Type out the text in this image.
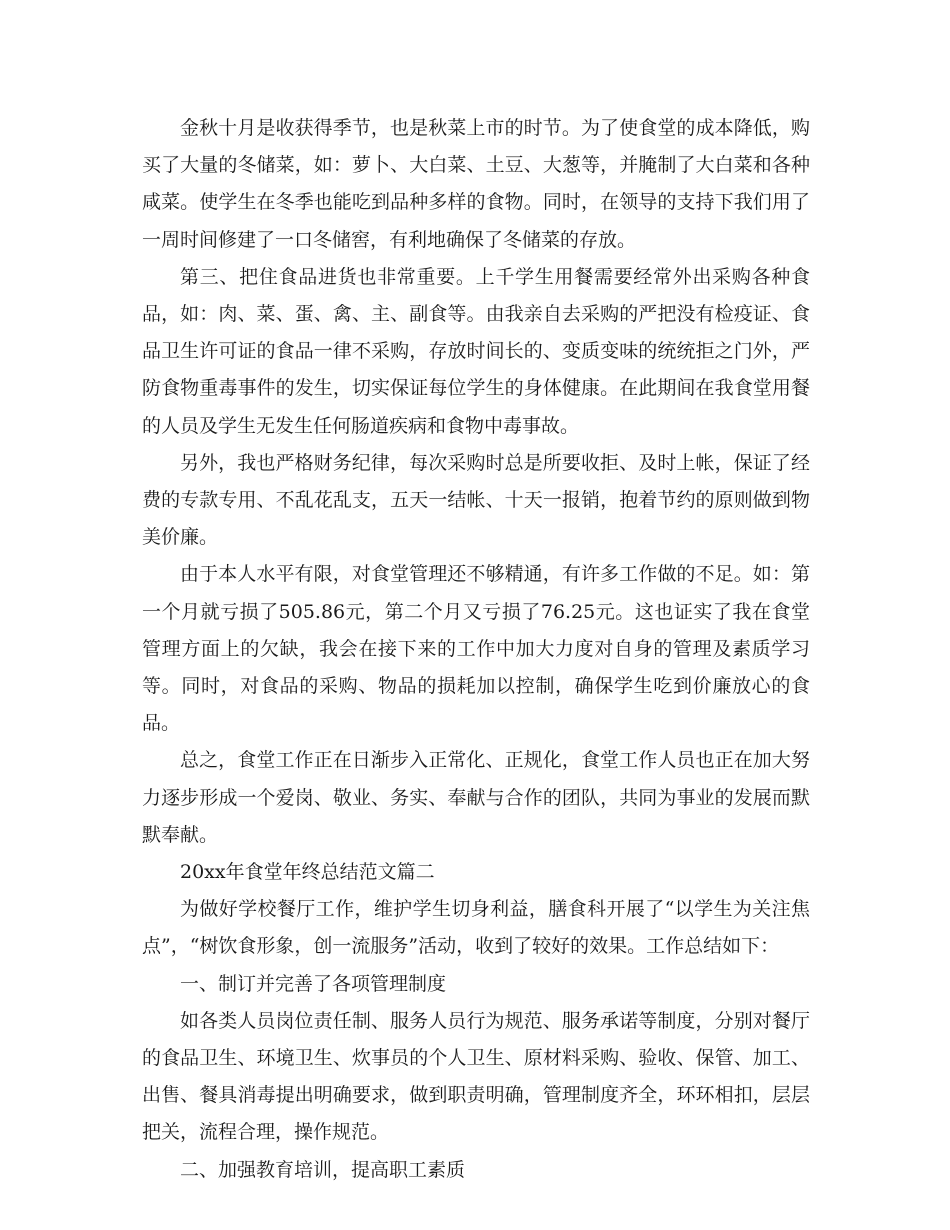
金秋十月是收获得季节，也是秋菜上市的时节。为了使食堂的成本降低，购买了大量的冬储菜，如：萝卜、大白菜、土豆、大葱等，并腌制了大白菜和各种咸菜。使学生在冬季也能吃到品种多样的食物。同时，在领导的支持下我们用了一周时间修建了一口冬储窖，有利地确保了冬储菜的存放。

第三、把住食品进货也非常重要。上千学生用餐需要经常外出采购各种食品，如：肉、菜、蛋、禽、主、副食等。由我亲自去采购的严把没有检疫证、食品卫生许可证的食品一律不采购，存放时间长的、变质变味的统统拒之门外，严防食物重毒事件的发生，切实保证每位学生的身体健康。在此期间在我食堂用餐的人员及学生无发生任何肠道疾病和食物中毒事故。

另外，我也严格财务纪律，每次采购时总是所要收拒、及时上帐，保证了经费的专款专用、不乱花乱支，五天一结帐、十天一报销，抱着节约的原则做到物美价廉。

由于本人水平有限，对食堂管理还不够精通，有许多工作做的不足。如：第一个月就亏损了505.86元，第二个月又亏损了76.25元。这也证实了我在食堂管理方面上的欠缺，我会在接下来的工作中加大力度对自身的管理及素质学习等。同时，对食品的采购、物品的损耗加以控制，确保学生吃到价廉放心的食品。

总之，食堂工作正在日渐步入正常化、正规化，食堂工作人员也正在加大努力逐步形成一个爱岗、敬业、务实、奉献与合作的团队，共同为事业的发展而默默奉献。

20xx年食堂年终总结范文篇二

为做好学校餐厅工作，维护学生切身利益，膳食科开展了“以学生为关注焦点”，“树饮食形象，创一流服务”活动，收到了较好的效果。工作总结如下：

一、制订并完善了各项管理制度

如各类人员岗位责任制、服务人员行为规范、服务承诺等制度，分别对餐厅的食品卫生、环境卫生、炊事员的个人卫生、原材料采购、验收、保管、加工、出售、餐具消毒提出明确要求，做到职责明确，管理制度齐全，环环相扣，层层把关，流程合理，操作规范。

二、加强教育培训，提高职工素质
